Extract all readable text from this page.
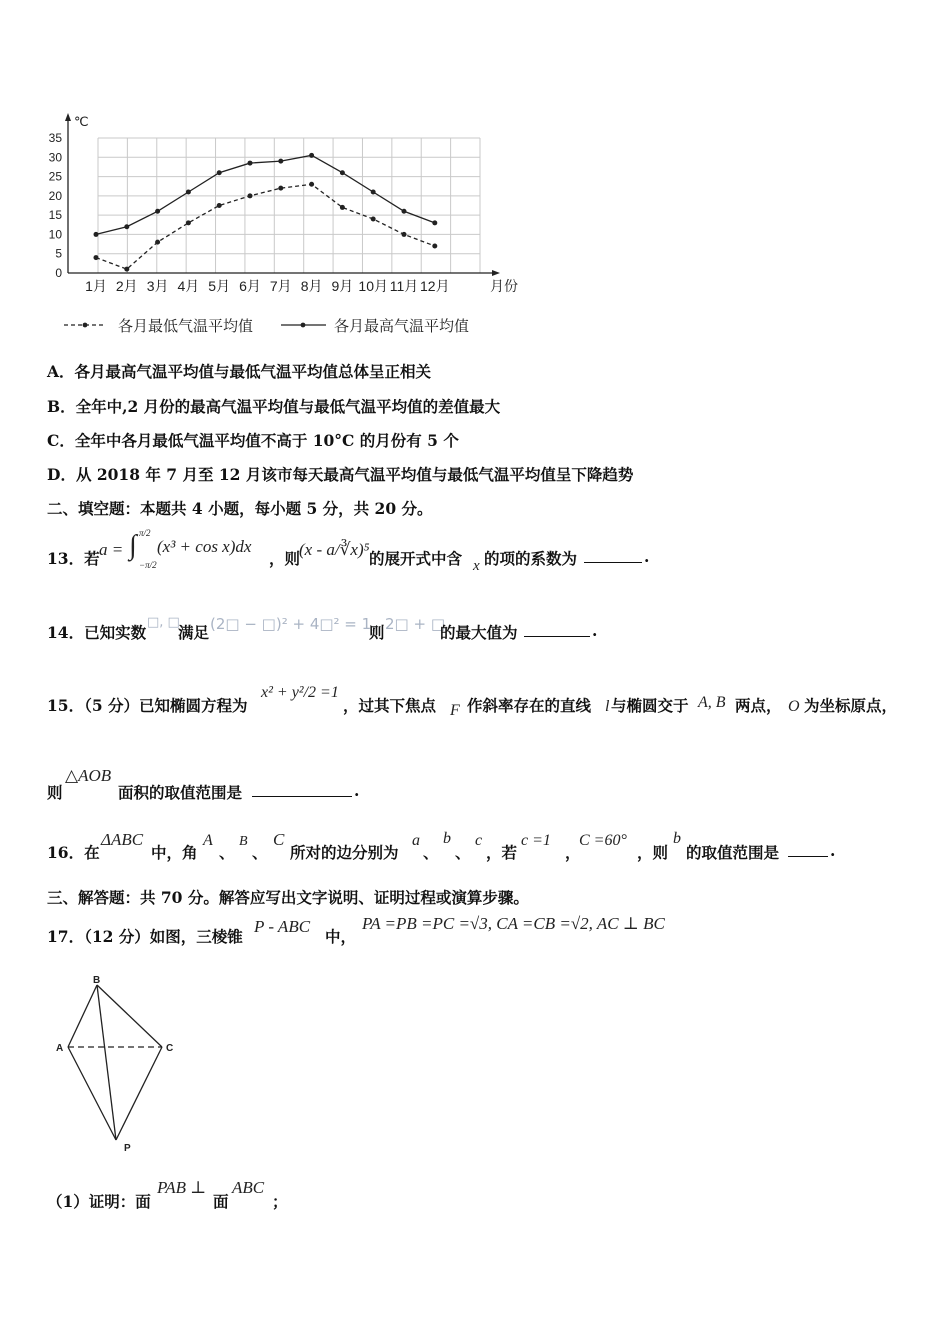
℃
月份
0
5
10
15
20
25
30
35
1月 2月 3月 4月 5月 6月 7月 8月 9月 10月 11月 12月
各月最低气温平均值	各月最高气温平均值
A．各月最高气温平均值与最低气温平均值总体呈正相关
B．全年中,2 月份的最高气温平均值与最低气温平均值的差值最大
C．全年中各月最低气温平均值不高于 10°C 的月份有 5 个
D．从 2018 年 7 月至 12 月该市每天最高气温平均值与最低气温平均值呈下降趋势
二、填空题：本题共 4 小题，每小题 5 分，共 20 分。
13．若 a = ∫ π/2
−π/2
(x³ + cos x)dx
，则
(x - a/∛x)⁵ 的展开式中含 x 的项的系数为	.
14．已知实数
□, □
满足 (2□ − □)² + 4□² = 1,
则 2□ + □
的最大值为	.
15．（5 分）已知椭圆方程为
x² + y²/2 =1
，过其下焦点 F 作斜率存在的直线 l 与椭圆交于 A, B 两点， O 为坐标原点，
则
△AOB
面积的取值范围是	.
16．在
ΔABC
中，角
A
、
B
、
C
所对的边分别为
a
、
b
、
c
，若
c =1
，
C =60°
，则
b
的取值范围是	.
三、解答题：共 70 分。解答应写出文字说明、证明过程或演算步骤。
17．（12 分）如图，三棱锥
P - ABC
中，
PA =PB =PC =√3, CA =CB =√2, AC ⊥ BC
B
A	C
P
（1）证明：面
PAB ⊥
面
ABC
；
